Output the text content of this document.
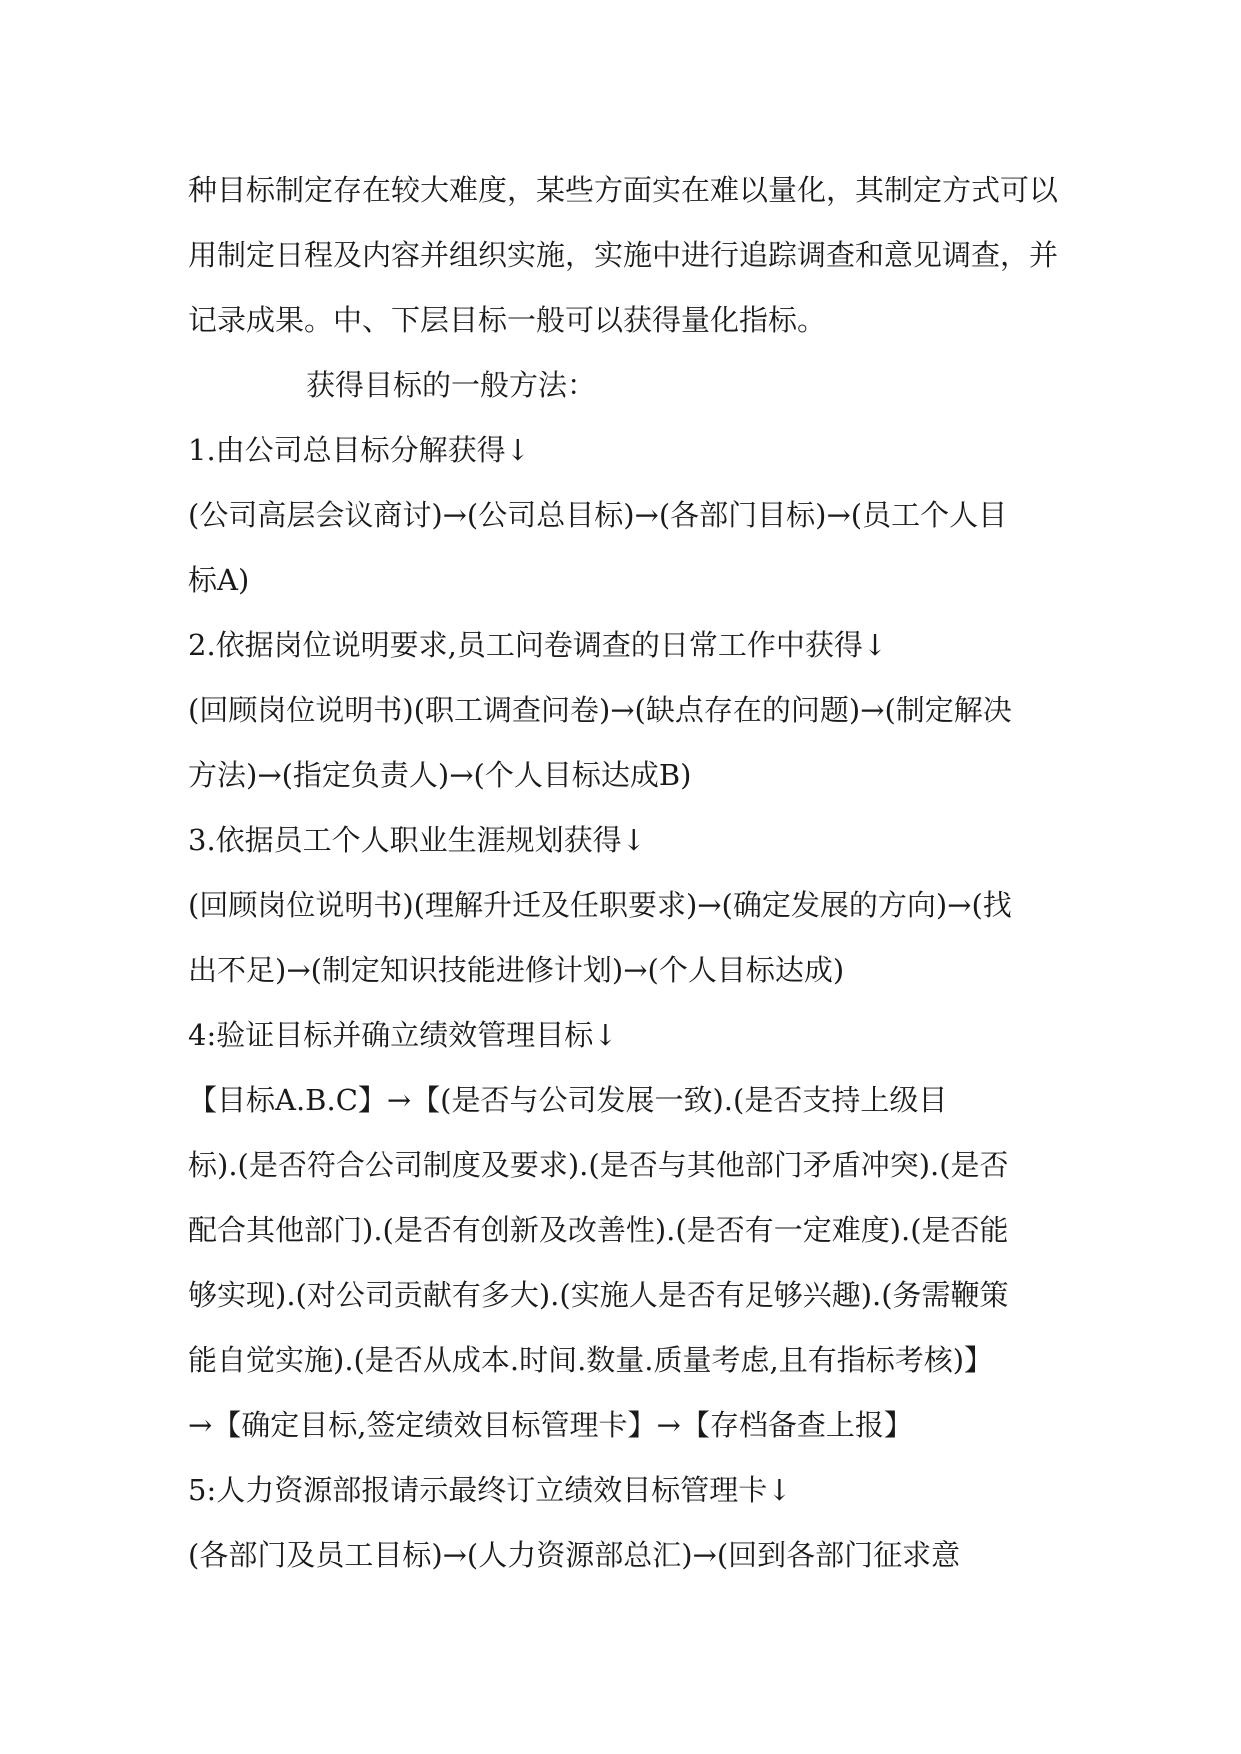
种目标制定存在较大难度，某些方面实在难以量化，其制定方式可以
用制定日程及内容并组织实施，实施中进行追踪调查和意见调查，并
记录成果。中、下层目标一般可以获得量化指标。
获得目标的一般方法：
1.由公司总目标分解获得↓
(公司高层会议商讨)→(公司总目标)→(各部门目标)→(员工个人目
标A)
2.依据岗位说明要求,员工问卷调查的日常工作中获得↓
(回顾岗位说明书)(职工调查问卷)→(缺点存在的问题)→(制定解决
方法)→(指定负责人)→(个人目标达成B)
3.依据员工个人职业生涯规划获得↓
(回顾岗位说明书)(理解升迁及任职要求)→(确定发展的方向)→(找
出不足)→(制定知识技能进修计划)→(个人目标达成)
4:验证目标并确立绩效管理目标↓
【目标A.B.C】→【(是否与公司发展一致).(是否支持上级目
标).(是否符合公司制度及要求).(是否与其他部门矛盾冲突).(是否
配合其他部门).(是否有创新及改善性).(是否有一定难度).(是否能
够实现).(对公司贡献有多大).(实施人是否有足够兴趣).(务需鞭策
能自觉实施).(是否从成本.时间.数量.质量考虑,且有指标考核)】
→【确定目标,签定绩效目标管理卡】→【存档备查上报】
5:人力资源部报请示最终订立绩效目标管理卡↓
(各部门及员工目标)→(人力资源部总汇)→(回到各部门征求意
